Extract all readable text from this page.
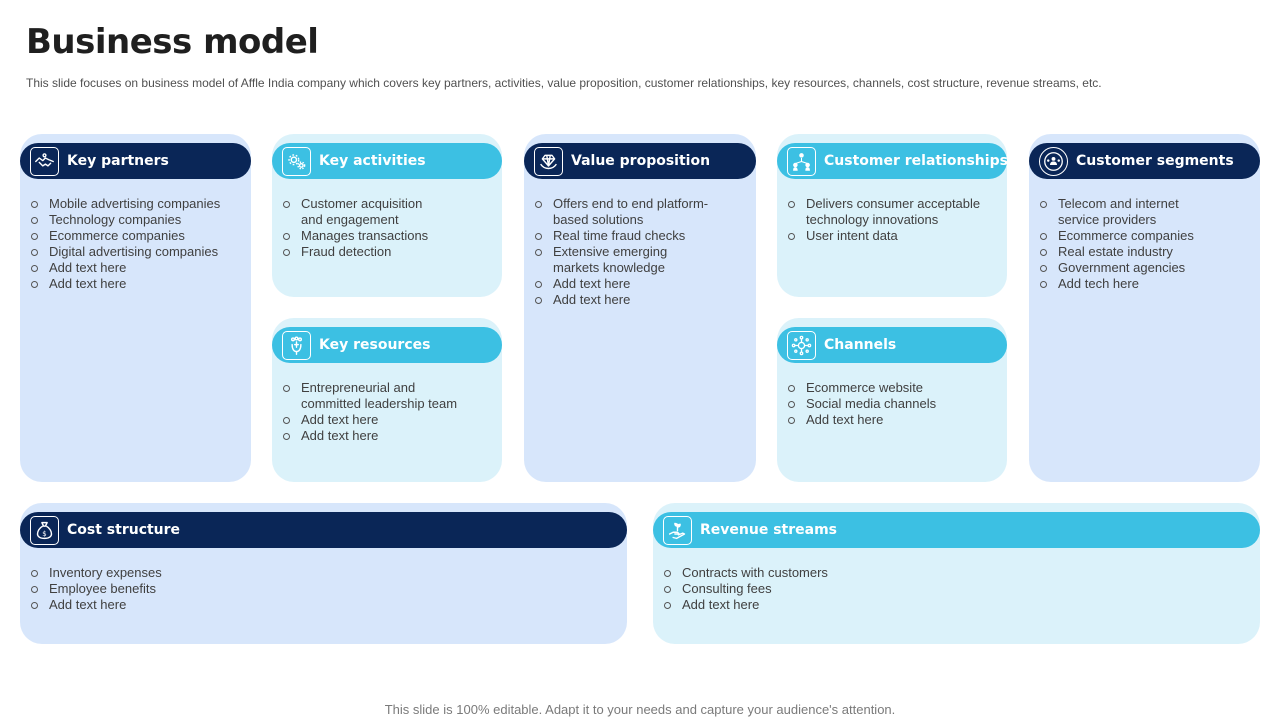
Business model
This slide focuses on business model of Affle India company which covers key partners, activities, value proposition, customer relationships, key resources, channels, cost structure, revenue streams, etc.
Key partners
Mobile advertising companies
Technology companies
Ecommerce companies
Digital advertising companies
Add text here
Add text here
Key activities
Customer acquisition
and engagement
Manages transactions
Fraud detection
Key resources
Entrepreneurial and
committed leadership team
Add text here
Add text here
Value proposition
Offers end to end platform-
based solutions
Real time fraud checks
Extensive emerging
markets knowledge
Add text here
Add text here
Customer relationships
Delivers consumer acceptable
technology innovations
User intent data
Channels
Ecommerce website
Social media channels
Add text here
Customer segments
Telecom and internet
service providers
Ecommerce companies
Real estate industry
Government agencies
Add tech here
$ Cost structure
Inventory expenses
Employee benefits
Add text here
Revenue streams
Contracts with customers
Consulting fees
Add text here
This slide is 100% editable. Adapt it to your needs and capture your audience's attention.
